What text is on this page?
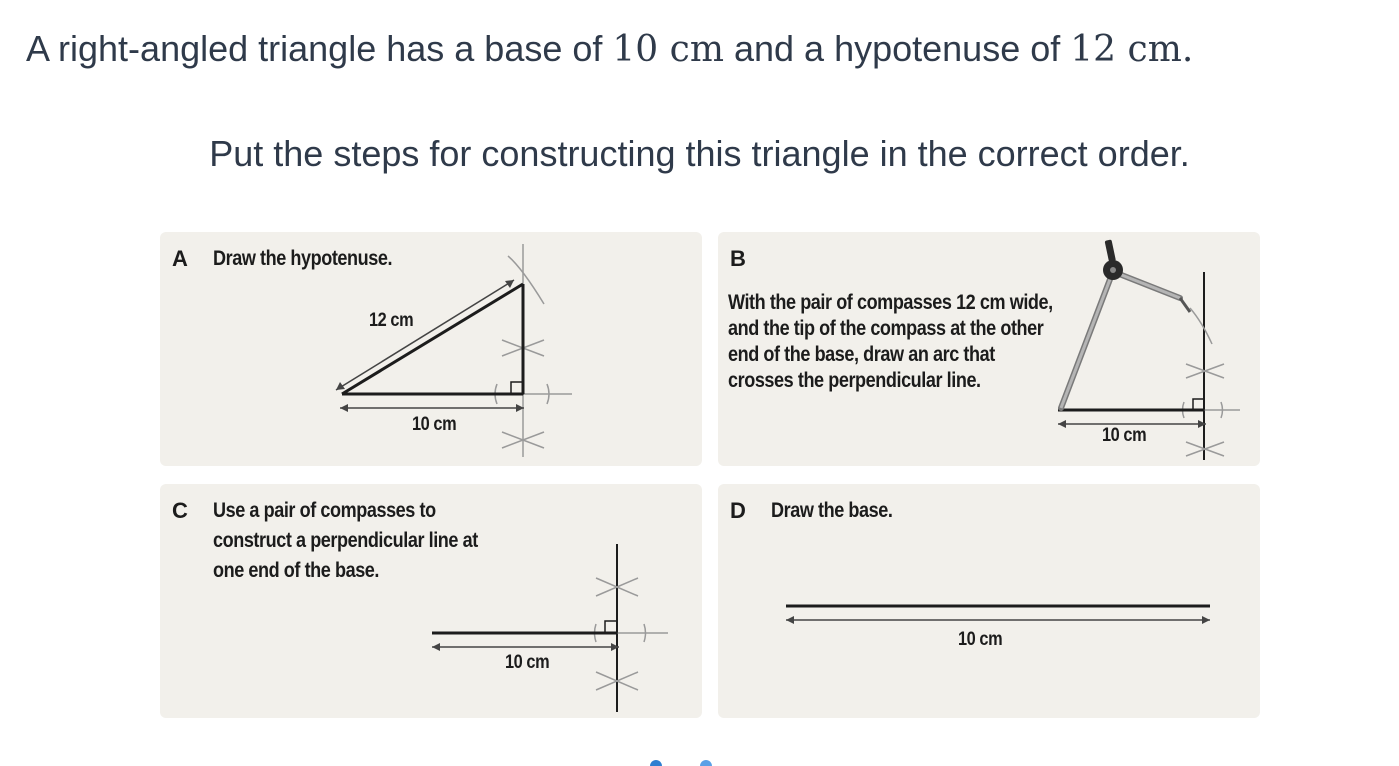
A right-angled triangle has a base of 10 cm and a hypotenuse of 12 cm.
Put the steps for constructing this triangle in the correct order.
A Draw the hypotenuse.
12 cm
10 cm
B
With the pair of compasses 12 cm wide,
and the tip of the compass at the other
end of the base, draw an arc that
crosses the perpendicular line.
10 cm
C Use a pair of compasses to
construct a perpendicular line at
one end of the base.
10 cm
D Draw the base.
10 cm
